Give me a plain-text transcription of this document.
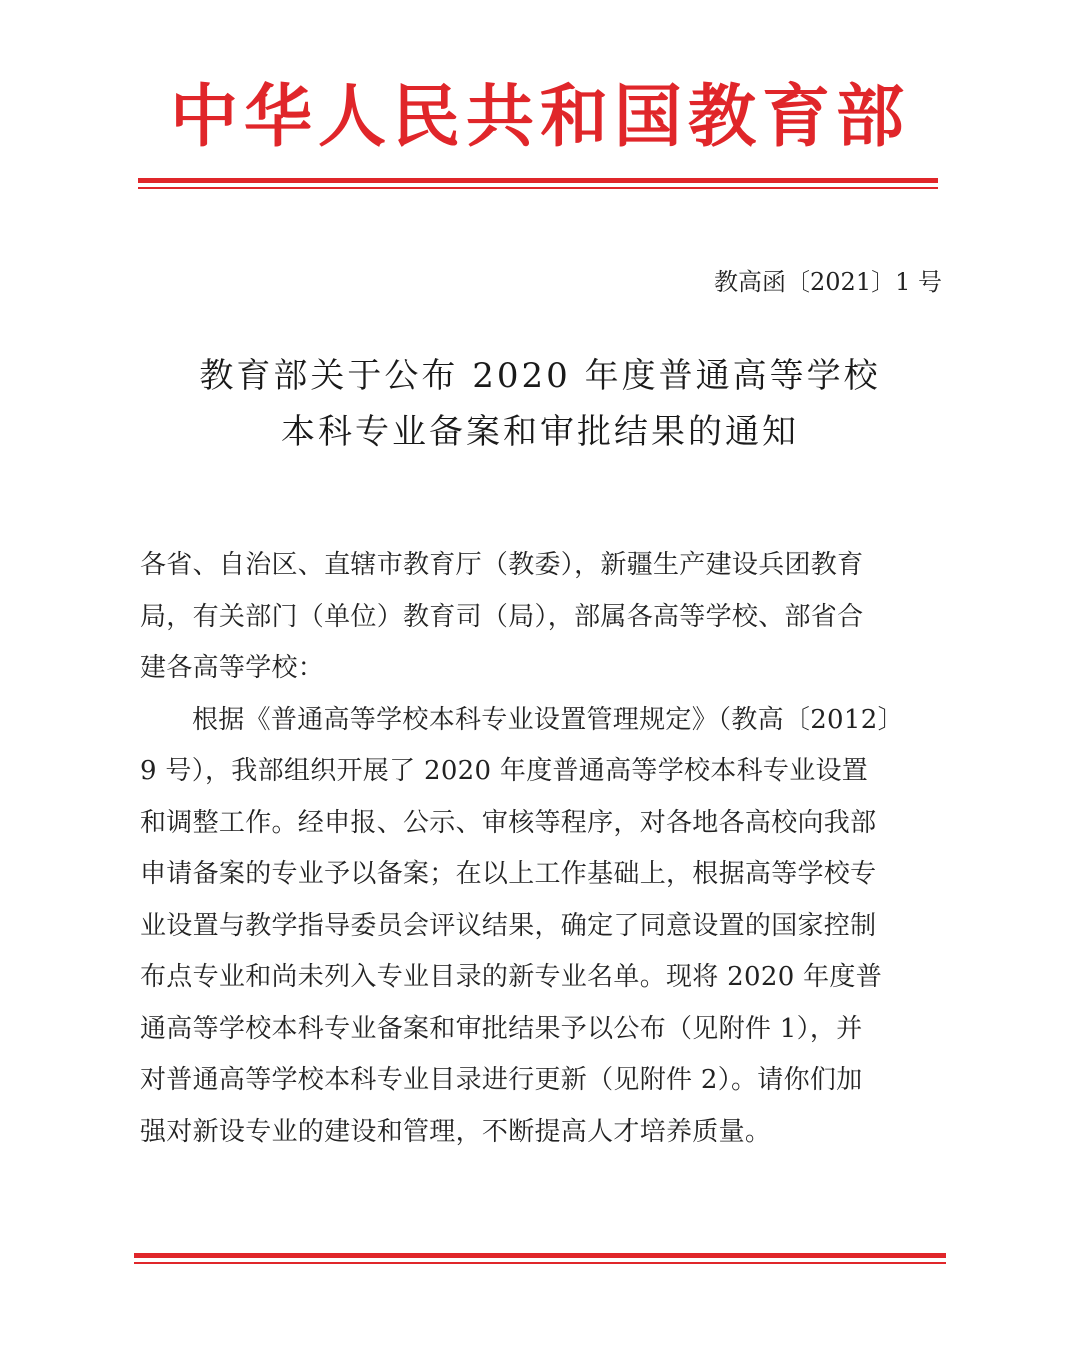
中华人民共和国教育部
教高函〔2021〕1 号
教育部关于公布 2020 年度普通高等学校
本科专业备案和审批结果的通知
各省、自治区、直辖市教育厅（教委），新疆生产建设兵团教育
局，有关部门（单位）教育司（局），部属各高等学校、部省合
建各高等学校：
根据《普通高等学校本科专业设置管理规定》（教高〔2012〕
9 号），我部组织开展了 2020 年度普通高等学校本科专业设置
和调整工作。经申报、公示、审核等程序，对各地各高校向我部
申请备案的专业予以备案；在以上工作基础上，根据高等学校专
业设置与教学指导委员会评议结果，确定了同意设置的国家控制
布点专业和尚未列入专业目录的新专业名单。现将 2020 年度普
通高等学校本科专业备案和审批结果予以公布（见附件 1），并
对普通高等学校本科专业目录进行更新（见附件 2）。请你们加
强对新设专业的建设和管理，不断提高人才培养质量。
